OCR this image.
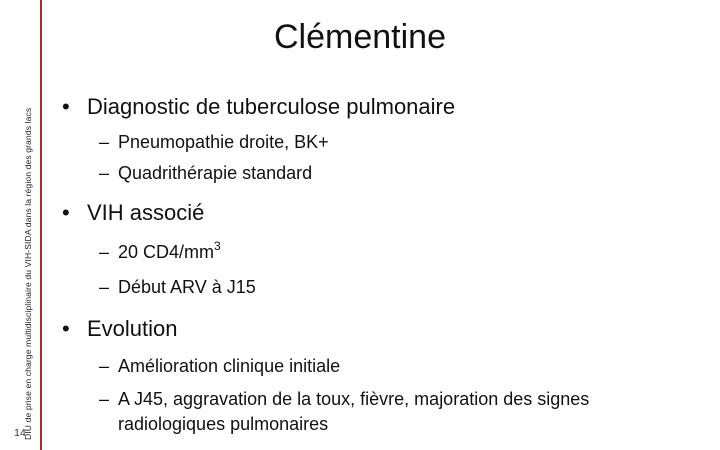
DIU de prise en charge multidisciplinaire du VIH-SIDA dans la région des grands lacs
14
Clémentine
• Diagnostic de tuberculose pulmonaire
– Pneumopathie droite, BK+
– Quadrithérapie standard
• VIH associé
– 20 $CD4/mm^3$
– Début ARV à J15
• Evolution
– Amélioration clinique initiale
– A J45, aggravation de la toux, fièvre, majoration des signes radiologiques pulmonaires
